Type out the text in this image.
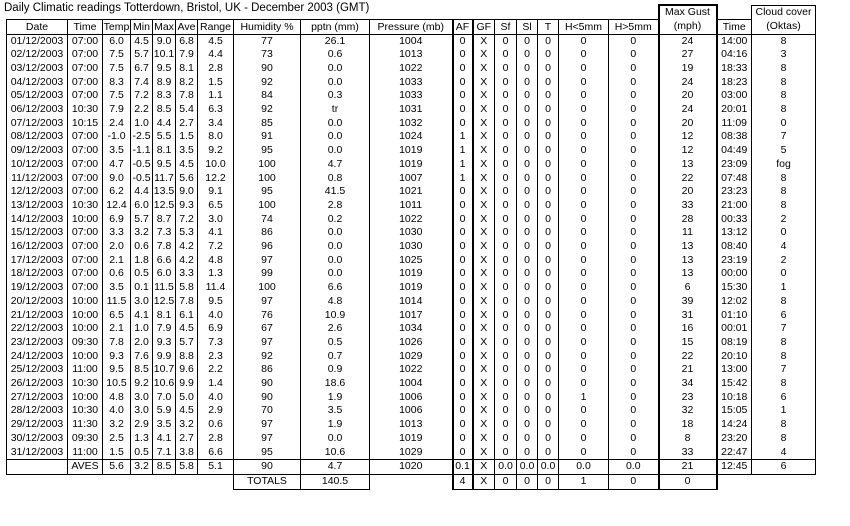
Daily Climatic readings Totterdown, Bristol, UK - December 2003 (GMT)
																	Max Gust		Cloud cover
Date	Time	Temp	Min	Max	Ave	Range	Humidity %	pptn (mm)	Pressure (mb)	AF	GF	Sf	Sl	T	H<5mm	H>5mm	(mph)	Time	(Oktas)
01/12/2003	07:00	6.0	4.5	9.0	6.8	4.5	77	26.1	1004	0	X	0	0	0	0	0	24	14:00	8
02/12/2003	07:00	7.5	5.7	10.1	7.9	4.4	73	0.6	1013	0	X	0	0	0	0	0	27	04:16	3
03/12/2003	07:00	7.5	6.7	9.5	8.1	2.8	90	0.0	1022	0	X	0	0	0	0	0	19	18:33	8
04/12/2003	07:00	8.3	7.4	8.9	8.2	1.5	92	0.0	1033	0	X	0	0	0	0	0	24	18:23	8
05/12/2003	07:00	7.5	7.2	8.3	7.8	1.1	84	0.3	1033	0	X	0	0	0	0	0	20	03:00	8
06/12/2003	10:30	7.9	2.2	8.5	5.4	6.3	92	tr	1031	0	X	0	0	0	0	0	24	20:01	8
07/12/2003	10:15	2.4	1.0	4.4	2.7	3.4	85	0.0	1032	0	X	0	0	0	0	0	20	11:09	0
08/12/2003	07:00	-1.0	-2.5	5.5	1.5	8.0	91	0.0	1024	1	X	0	0	0	0	0	12	08:38	7
09/12/2003	07:00	3.5	-1.1	8.1	3.5	9.2	95	0.0	1019	1	X	0	0	0	0	0	12	04:49	5
10/12/2003	07:00	4.7	-0.5	9.5	4.5	10.0	100	4.7	1019	1	X	0	0	0	0	0	13	23:09	fog
11/12/2003	07:00	9.0	-0.5	11.7	5.6	12.2	100	0.8	1007	1	X	0	0	0	0	0	22	07:48	8
12/12/2003	07:00	6.2	4.4	13.5	9.0	9.1	95	41.5	1021	0	X	0	0	0	0	0	20	23:23	8
13/12/2003	10:30	12.4	6.0	12.5	9.3	6.5	100	2.8	1011	0	X	0	0	0	0	0	33	21:00	8
14/12/2003	10:00	6.9	5.7	8.7	7.2	3.0	74	0.2	1022	0	X	0	0	0	0	0	28	00:33	2
15/12/2003	07:00	3.3	3.2	7.3	5.3	4.1	86	0.0	1030	0	X	0	0	0	0	0	11	13:12	0
16/12/2003	07:00	2.0	0.6	7.8	4.2	7.2	96	0.0	1030	0	X	0	0	0	0	0	13	08:40	4
17/12/2003	07:00	2.1	1.8	6.6	4.2	4.8	97	0.0	1025	0	X	0	0	0	0	0	13	23:19	2
18/12/2003	07:00	0.6	0.5	6.0	3.3	1.3	99	0.0	1019	0	X	0	0	0	0	0	13	00:00	0
19/12/2003	07:00	3.5	0.1	11.5	5.8	11.4	100	6.6	1019	0	X	0	0	0	0	0	6	15:30	1
20/12/2003	10:00	11.5	3.0	12.5	7.8	9.5	97	4.8	1014	0	X	0	0	0	0	0	39	12:02	8
21/12/2003	10:00	6.5	4.1	8.1	6.1	4.0	76	10.9	1017	0	X	0	0	0	0	0	31	01:10	6
22/12/2003	10:00	2.1	1.0	7.9	4.5	6.9	67	2.6	1034	0	X	0	0	0	0	0	16	00:01	7
23/12/2003	09:30	7.8	2.0	9.3	5.7	7.3	97	0.5	1026	0	X	0	0	0	0	0	15	08:19	8
24/12/2003	10:00	9.3	7.6	9.9	8.8	2.3	92	0.7	1029	0	X	0	0	0	0	0	22	20:10	8
25/12/2003	11:00	9.5	8.5	10.7	9.6	2.2	86	0.9	1022	0	X	0	0	0	0	0	21	13:00	7
26/12/2003	10:30	10.5	9.2	10.6	9.9	1.4	90	18.6	1004	0	X	0	0	0	0	0	34	15:42	8
27/12/2003	10:00	4.8	3.0	7.0	5.0	4.0	90	1.9	1006	0	X	0	0	0	1	0	23	10:18	6
28/12/2003	10:30	4.0	3.0	5.9	4.5	2.9	70	3.5	1006	0	X	0	0	0	0	0	32	15:05	1
29/12/2003	11:30	3.2	2.9	3.5	3.2	0.6	97	1.9	1013	0	X	0	0	0	0	0	18	14:24	8
30/12/2003	09:30	2.5	1.3	4.1	2.7	2.8	97	0.0	1019	0	X	0	0	0	0	0	8	23:20	8
31/12/2003	11:00	1.5	0.5	7.1	3.8	6.6	95	10.6	1029	0	X	0	0	0	0	0	33	22:47	4
	AVES	5.6	3.2	8.5	5.8	5.1	90	4.7	1020	0.1	X	0.0	0.0	0.0	0.0	0.0	21	12:45	6
							TOTALS	140.5		4	X	0	0	0	1	0	0		
